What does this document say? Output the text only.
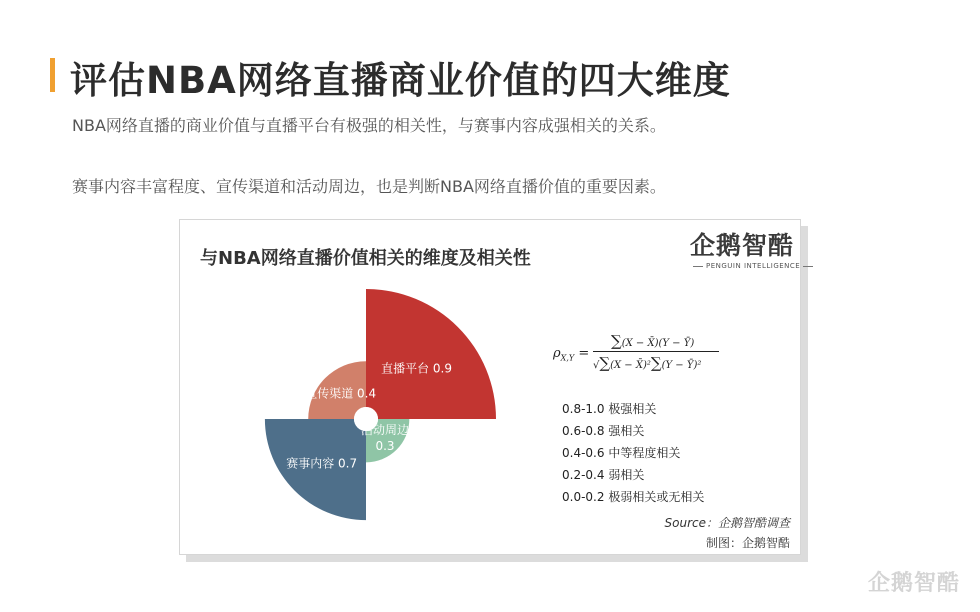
评估NBA网络直播商业价值的四大维度
NBA网络直播的商业价值与直播平台有极强的相关性，与赛事内容成强相关的关系。
赛事内容丰富程度、宣传渠道和活动周边，也是判断NBA网络直播价值的重要因素。
与NBA网络直播价值相关的维度及相关性	企鹅智酷
PENGUIN INTELLIGENCE
直播平台 0.9
活动周边
0.3
赛事内容 0.7
宣传渠道 0.4
$\rho_{X,Y}$ =
∑(X − X̄)(Y − Ȳ)
√∑(X − X̄)²∑(Y − Ȳ)²
0.8-1.0 极强相关
0.6-0.8 强相关
0.4-0.6 中等程度相关
0.2-0.4 弱相关
0.0-0.2 极弱相关或无相关
Source：企鹅智酷调查
制图：企鹅智酷
企鹅智酷
